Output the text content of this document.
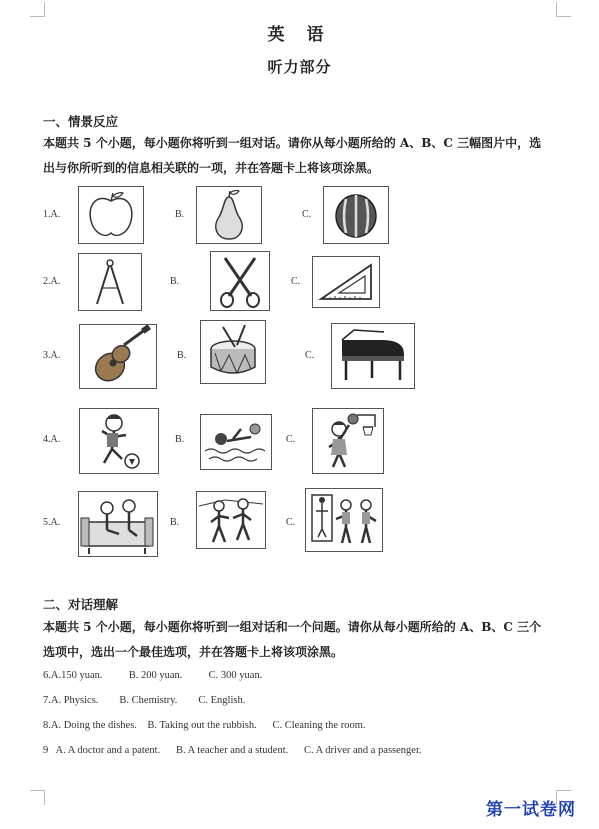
英 语
听力部分
一、情景反应
本题共 5 个小题，每小题你将听到一组对话。请你从每小题所给的 A、B、C 三幅图片中，选
出与你所听到的信息相关联的一项，并在答题卡上将该项涂黑。
1.A.	B.	C.
2.A.	B.	C.
3.A.	B.	C.
4.A.	B.	C.
5.A.	B.	C.
二、对话理解
本题共 5 个小题，每小题你将听到一组对话和一个问题。请你从每小题所给的 A、B、C 三个
选项中，选出一个最佳选项，并在答题卡上将该项涂黑。
6.A.150 yuan.          B. 200 yuan.          C. 300 yuan.
7.A. Physics.        B. Chemistry.        C. English.
8.A. Doing the dishes.    B. Taking out the rubbish.      C. Cleaning the room.
9   A. A doctor and a patent.      B. A teacher and a student.      C. A driver and a passenger.
第一试卷网
